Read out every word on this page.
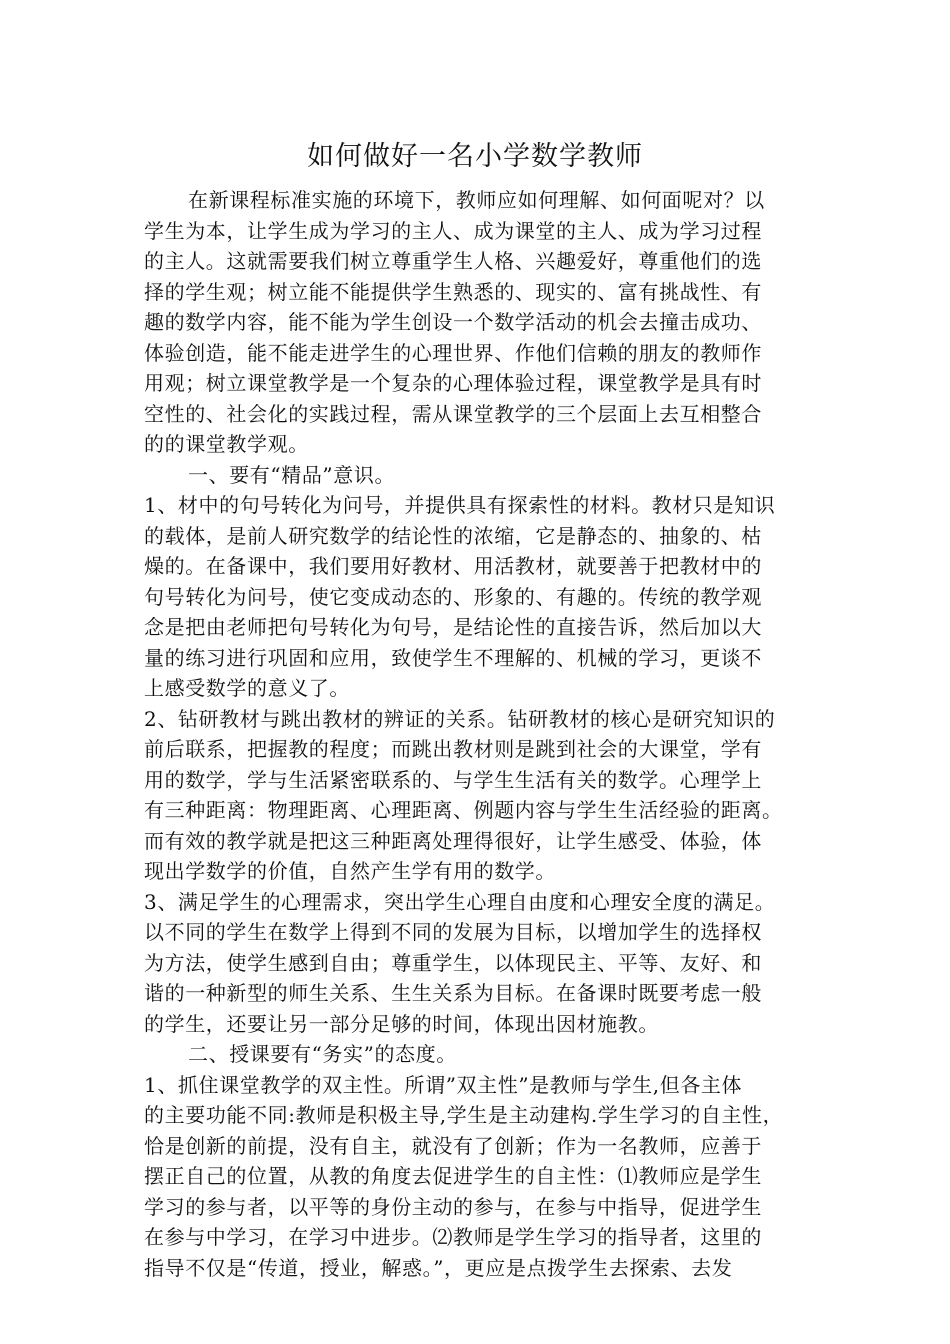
如何做好一名小学数学教师
在新课程标准实施的环境下，教师应如何理解、如何面呢对？以
学生为本，让学生成为学习的主人、成为课堂的主人、成为学习过程
的主人。这就需要我们树立尊重学生人格、兴趣爱好，尊重他们的选
择的学生观；树立能不能提供学生熟悉的、现实的、富有挑战性、有
趣的数学内容，能不能为学生创设一个数学活动的机会去撞击成功、
体验创造，能不能走进学生的心理世界、作他们信赖的朋友的教师作
用观；树立课堂教学是一个复杂的心理体验过程，课堂教学是具有时
空性的、社会化的实践过程，需从课堂教学的三个层面上去互相整合
的的课堂教学观。
一、要有“精品”意识。
1、材中的句号转化为问号，并提供具有探索性的材料。教材只是知识
的载体，是前人研究数学的结论性的浓缩，它是静态的、抽象的、枯
燥的。在备课中，我们要用好教材、用活教材，就要善于把教材中的
句号转化为问号，使它变成动态的、形象的、有趣的。传统的教学观
念是把由老师把句号转化为句号，是结论性的直接告诉，然后加以大
量的练习进行巩固和应用，致使学生不理解的、机械的学习，更谈不
上感受数学的意义了。
2、钻研教材与跳出教材的辨证的关系。钻研教材的核心是研究知识的
前后联系，把握教的程度；而跳出教材则是跳到社会的大课堂，学有
用的数学，学与生活紧密联系的、与学生生活有关的数学。心理学上
有三种距离：物理距离、心理距离、例题内容与学生生活经验的距离。
而有效的教学就是把这三种距离处理得很好，让学生感受、体验，体
现出学数学的价值，自然产生学有用的数学。
3、满足学生的心理需求，突出学生心理自由度和心理安全度的满足。
以不同的学生在数学上得到不同的发展为目标，以增加学生的选择权
为方法，使学生感到自由；尊重学生，以体现民主、平等、友好、和
谐的一种新型的师生关系、生生关系为目标。在备课时既要考虑一般
的学生，还要让另一部分足够的时间，体现出因材施教。
二、授课要有“务实”的态度。
1、抓住课堂教学的双主性。所谓”双主性”是教师与学生,但各主体
的主要功能不同:教师是积极主导,学生是主动建构.学生学习的自主性，
恰是创新的前提，没有自主，就没有了创新；作为一名教师，应善于
摆正自己的位置，从教的角度去促进学生的自主性：⑴教师应是学生
学习的参与者，以平等的身份主动的参与，在参与中指导，促进学生
在参与中学习，在学习中进步。⑵教师是学生学习的指导者，这里的
指导不仅是“传道，授业，解惑。”，更应是点拨学生去探索、去发
